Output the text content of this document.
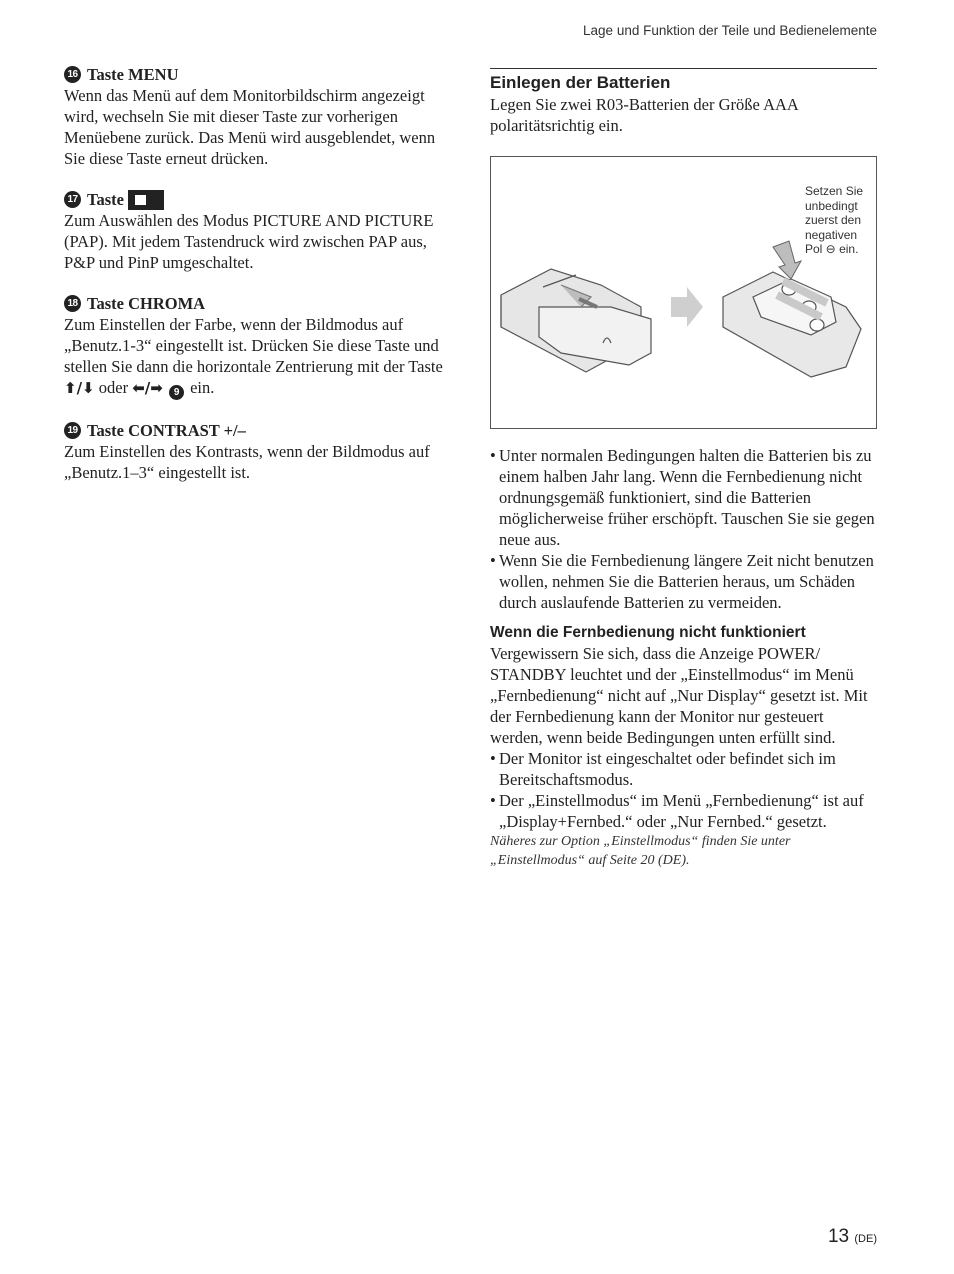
Lage und Funktion der Teile und Bedienelemente
16 Taste MENU
Wenn das Menü auf dem Monitorbildschirm angezeigt wird, wechseln Sie mit dieser Taste zur vorherigen Menüebene zurück. Das Menü wird ausgeblendet, wenn Sie diese Taste erneut drücken.
17 Taste
Zum Auswählen des Modus PICTURE AND PICTURE (PAP). Mit jedem Tastendruck wird zwischen PAP aus, P&P und PinP umgeschaltet.
18 Taste CHROMA
Zum Einstellen der Farbe, wenn der Bildmodus auf „Benutz.1-3“ eingestellt ist. Drücken Sie diese Taste und stellen Sie dann die horizontale Zentrierung mit der Taste ⬆/⬇ oder ⬅/➡ 9 ein.
19 Taste CONTRAST +/–
Zum Einstellen des Kontrasts, wenn der Bildmodus auf „Benutz.1–3“ eingestellt ist.
Einlegen der Batterien
Legen Sie zwei R03-Batterien der Größe AAA polaritätsrichtig ein.
Setzen Sie
unbedingt
zuerst den
negativen
Pol ⊖ ein.
• Unter normalen Bedingungen halten die Batterien bis zu einem halben Jahr lang. Wenn die Fernbedienung nicht ordnungsgemäß funktioniert, sind die Batterien möglicherweise früher erschöpft. Tauschen Sie sie gegen neue aus.
• Wenn Sie die Fernbedienung längere Zeit nicht benutzen wollen, nehmen Sie die Batterien heraus, um Schäden durch auslaufende Batterien zu vermeiden.
Wenn die Fernbedienung nicht funktioniert
Vergewissern Sie sich, dass die Anzeige POWER/ STANDBY leuchtet und der „Einstellmodus“ im Menü „Fernbedienung“ nicht auf „Nur Display“ gesetzt ist. Mit der Fernbedienung kann der Monitor nur gesteuert werden, wenn beide Bedingungen unten erfüllt sind.
• Der Monitor ist eingeschaltet oder befindet sich im Bereitschaftsmodus.
• Der „Einstellmodus“ im Menü „Fernbedienung“ ist auf „Display+Fernbed.“ oder „Nur Fernbed.“ gesetzt.
Näheres zur Option „Einstellmodus“ finden Sie unter „Einstellmodus“ auf Seite 20 (DE).
13 (DE)
